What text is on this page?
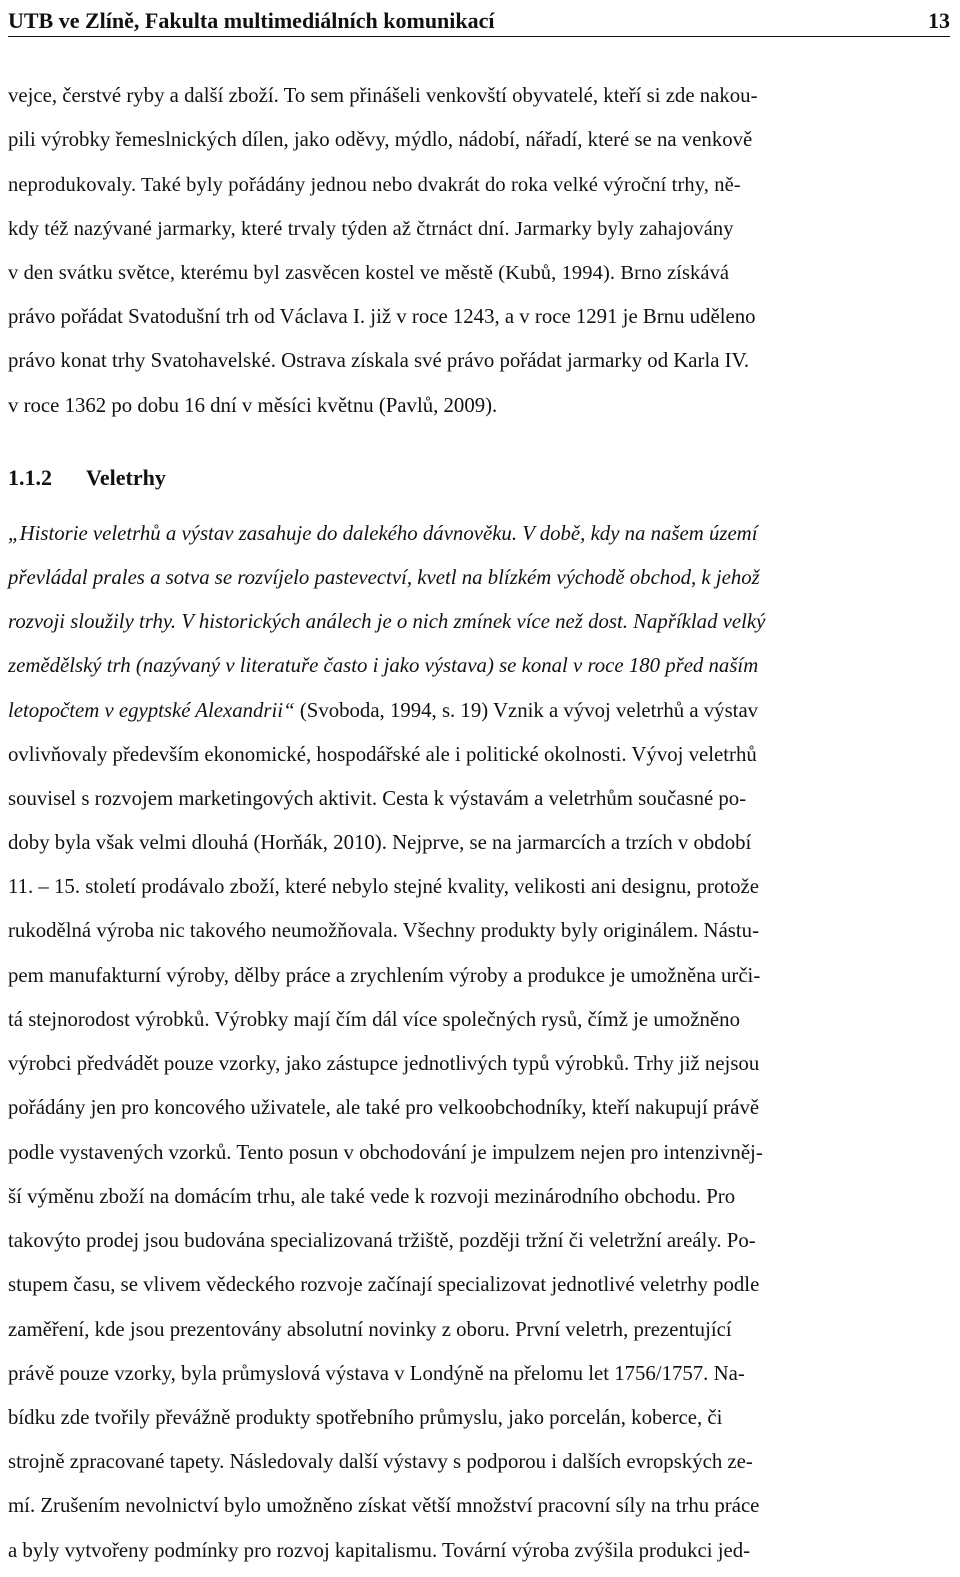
UTB ve Zlíně, Fakulta multimediálních komunikací	13
vejce, čerstvé ryby a další zboží. To sem přinášeli venkovští obyvatelé, kteří si zde nakou-
pili výrobky řemeslnických dílen, jako oděvy, mýdlo, nádobí, nářadí, které se na venkově
neprodukovaly. Také byly pořádány jednou nebo dvakrát do roka velké výroční trhy, ně-
kdy též nazývané jarmarky, které trvaly týden až čtrnáct dní. Jarmarky byly zahajovány
v den svátku světce, kterému byl zasvěcen kostel ve městě (Kubů, 1994). Brno získává
právo pořádat Svatodušní trh od Václava I. již v roce 1243, a v roce 1291 je Brnu uděleno
právo konat trhy Svatohavelské. Ostrava získala své právo pořádat jarmarky od Karla IV.
v roce 1362 po dobu 16 dní v měsíci květnu (Pavlů, 2009).
1.1.2	Veletrhy
„Historie veletrhů a výstav zasahuje do dalekého dávnověku. V době, kdy na našem území
převládal prales a sotva se rozvíjelo pastevectví, kvetl na blízkém východě obchod, k jehož
rozvoji sloužily trhy. V historických análech je o nich zmínek více než dost. Například velký
zemědělský trh (nazývaný v literatuře často i jako výstava) se konal v roce 180 před naším
letopočtem v egyptské Alexandrii“ (Svoboda, 1994, s. 19) Vznik a vývoj veletrhů a výstav
ovlivňovaly především ekonomické, hospodářské ale i politické okolnosti. Vývoj veletrhů
souvisel s rozvojem marketingových aktivit. Cesta k výstavám a veletrhům současné po-
doby byla však velmi dlouhá (Horňák, 2010). Nejprve, se na jarmarcích a trzích v období
11. – 15. století prodávalo zboží, které nebylo stejné kvality, velikosti ani designu, protože
rukodělná výroba nic takového neumožňovala. Všechny produkty byly originálem. Nástu-
pem manufakturní výroby, dělby práce a zrychlením výroby a produkce je umožněna urči-
tá stejnorodost výrobků. Výrobky mají čím dál více společných rysů, čímž je umožněno
výrobci předvádět pouze vzorky, jako zástupce jednotlivých typů výrobků. Trhy již nejsou
pořádány jen pro koncového uživatele, ale také pro velkoobchodníky, kteří nakupují právě
podle vystavených vzorků. Tento posun v obchodování je impulzem nejen pro intenzivněj-
ší výměnu zboží na domácím trhu, ale také vede k rozvoji mezinárodního obchodu. Pro
takovýto prodej jsou budována specializovaná tržiště, později tržní či veletržní areály. Po-
stupem času, se vlivem vědeckého rozvoje začínají specializovat jednotlivé veletrhy podle
zaměření, kde jsou prezentovány absolutní novinky z oboru. První veletrh, prezentující
právě pouze vzorky, byla průmyslová výstava v Londýně na přelomu let 1756/1757. Na-
bídku zde tvořily převážně produkty spotřebního průmyslu, jako porcelán, koberce, či
strojně zpracované tapety. Následovaly další výstavy s podporou i dalších evropských ze-
mí. Zrušením nevolnictví bylo umožněno získat větší množství pracovní síly na trhu práce
a byly vytvořeny podmínky pro rozvoj kapitalismu. Tovární výroba zvýšila produkci jed-
